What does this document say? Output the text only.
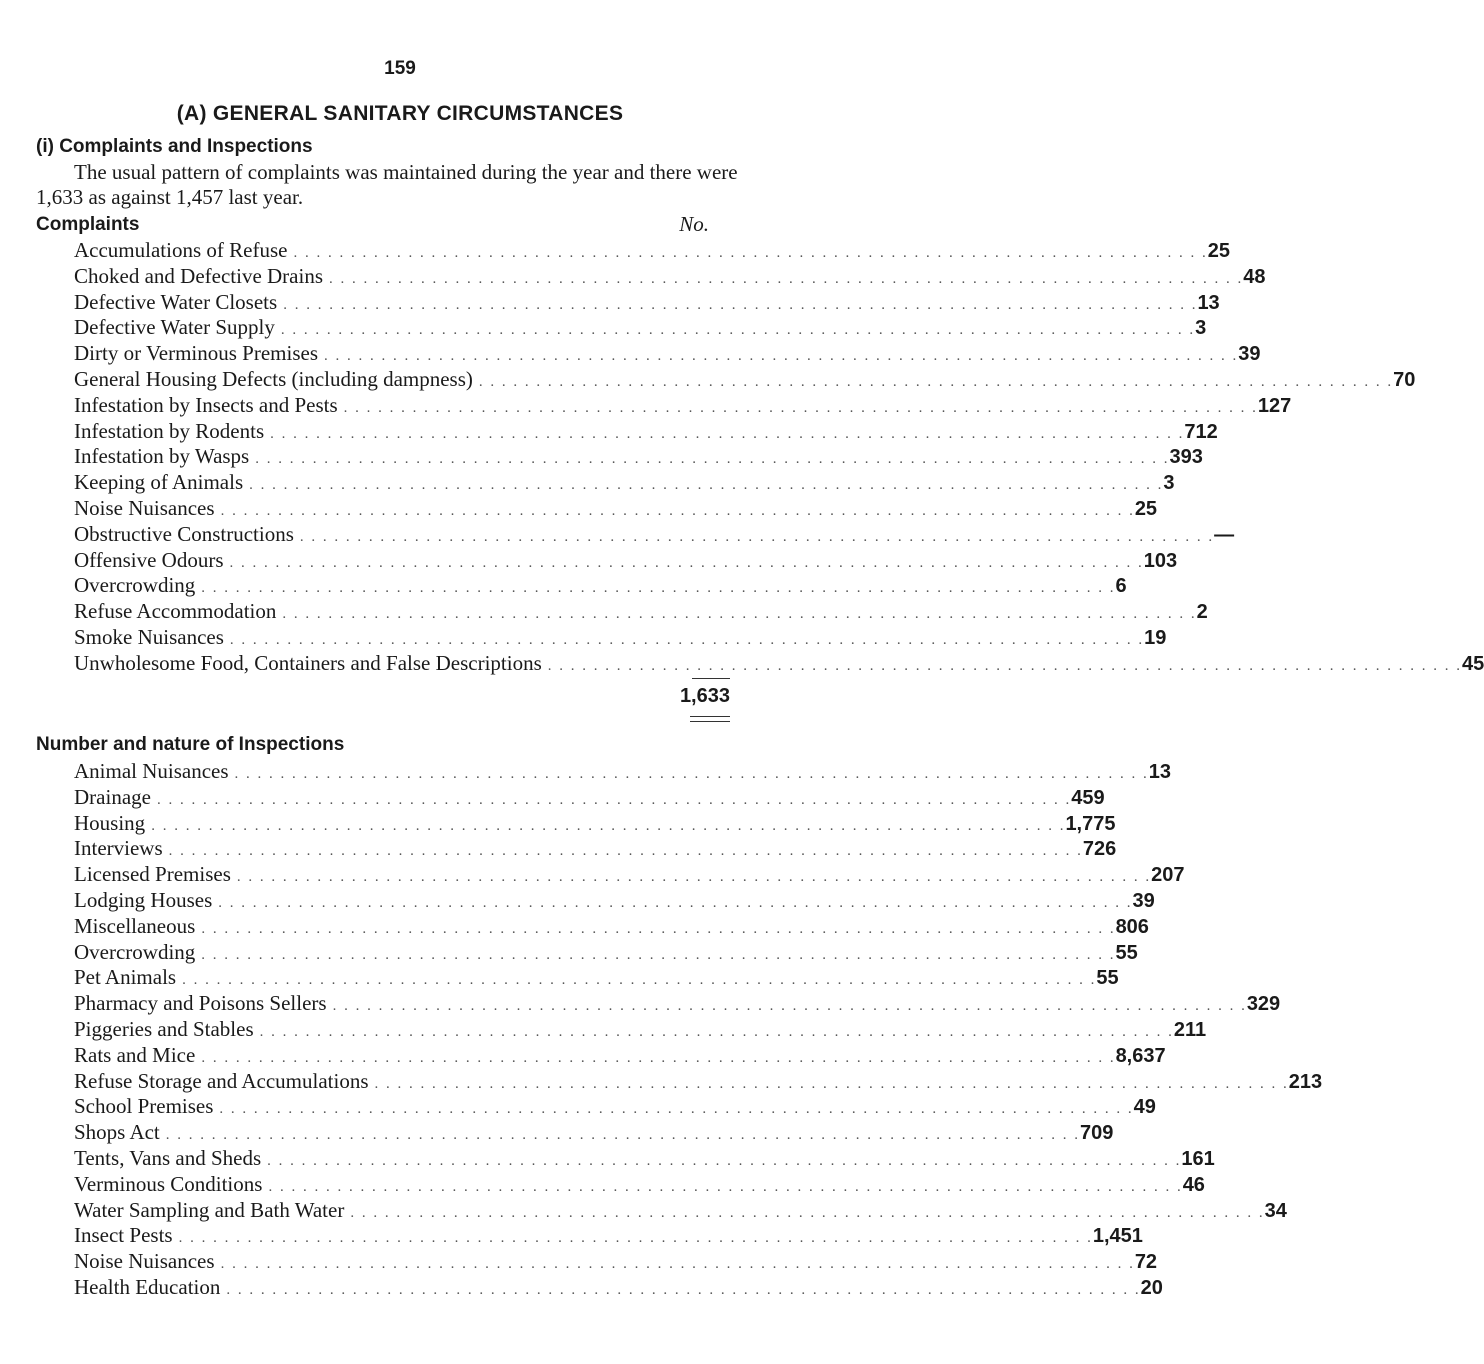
159
(A) GENERAL SANITARY CIRCUMSTANCES
(i) Complaints and Inspections
The usual pattern of complaints was maintained during the year and there were 1,633 as against 1,457 last year.
Complaints	No.
Accumulations of Refuse . . . . . . . . . . . . . . . . . . . . . . . . . . . . . . . . . . . . . . . . . . . . . . . . . . . . . . . . . . . . . . . . . . . . . . . . . . . . . . . . 25
Choked and Defective Drains . . . . . . . . . . . . . . . . . . . . . . . . . . . . . . . . . . . . . . . . . . . . . . . . . . . . . . . . . . . . . . . . . . . . . . . . . . . . . . . . 48
Defective Water Closets . . . . . . . . . . . . . . . . . . . . . . . . . . . . . . . . . . . . . . . . . . . . . . . . . . . . . . . . . . . . . . . . . . . . . . . . . . . . . . . . 13
Defective Water Supply . . . . . . . . . . . . . . . . . . . . . . . . . . . . . . . . . . . . . . . . . . . . . . . . . . . . . . . . . . . . . . . . . . . . . . . . . . . . . . . . 3
Dirty or Verminous Premises . . . . . . . . . . . . . . . . . . . . . . . . . . . . . . . . . . . . . . . . . . . . . . . . . . . . . . . . . . . . . . . . . . . . . . . . . . . . . . . . 39
General Housing Defects (including dampness) . . . . . . . . . . . . . . . . . . . . . . . . . . . . . . . . . . . . . . . . . . . . . . . . . . . . . . . . . . . . . . . . . . . . . . . . . . . . . . . . 70
Infestation by Insects and Pests . . . . . . . . . . . . . . . . . . . . . . . . . . . . . . . . . . . . . . . . . . . . . . . . . . . . . . . . . . . . . . . . . . . . . . . . . . . . . . . . 127
Infestation by Rodents . . . . . . . . . . . . . . . . . . . . . . . . . . . . . . . . . . . . . . . . . . . . . . . . . . . . . . . . . . . . . . . . . . . . . . . . . . . . . . . . 712
Infestation by Wasps . . . . . . . . . . . . . . . . . . . . . . . . . . . . . . . . . . . . . . . . . . . . . . . . . . . . . . . . . . . . . . . . . . . . . . . . . . . . . . . . 393
Keeping of Animals . . . . . . . . . . . . . . . . . . . . . . . . . . . . . . . . . . . . . . . . . . . . . . . . . . . . . . . . . . . . . . . . . . . . . . . . . . . . . . . . 3
Noise Nuisances . . . . . . . . . . . . . . . . . . . . . . . . . . . . . . . . . . . . . . . . . . . . . . . . . . . . . . . . . . . . . . . . . . . . . . . . . . . . . . . . 25
Obstructive Constructions . . . . . . . . . . . . . . . . . . . . . . . . . . . . . . . . . . . . . . . . . . . . . . . . . . . . . . . . . . . . . . . . . . . . . . . . . . . . . . . . —
Offensive Odours . . . . . . . . . . . . . . . . . . . . . . . . . . . . . . . . . . . . . . . . . . . . . . . . . . . . . . . . . . . . . . . . . . . . . . . . . . . . . . . . 103
Overcrowding . . . . . . . . . . . . . . . . . . . . . . . . . . . . . . . . . . . . . . . . . . . . . . . . . . . . . . . . . . . . . . . . . . . . . . . . . . . . . . . . 6
Refuse Accommodation . . . . . . . . . . . . . . . . . . . . . . . . . . . . . . . . . . . . . . . . . . . . . . . . . . . . . . . . . . . . . . . . . . . . . . . . . . . . . . . . 2
Smoke Nuisances . . . . . . . . . . . . . . . . . . . . . . . . . . . . . . . . . . . . . . . . . . . . . . . . . . . . . . . . . . . . . . . . . . . . . . . . . . . . . . . . 19
Unwholesome Food, Containers and False Descriptions . . . . . . . . . . . . . . . . . . . . . . . . . . . . . . . . . . . . . . . . . . . . . . . . . . . . . . . . . . . . . . . . . . . . . . . . . . . . . . . . 45
1,633
Number and nature of Inspections
Animal Nuisances . . . . . . . . . . . . . . . . . . . . . . . . . . . . . . . . . . . . . . . . . . . . . . . . . . . . . . . . . . . . . . . . . . . . . . . . . . . . . . . . 13
Drainage . . . . . . . . . . . . . . . . . . . . . . . . . . . . . . . . . . . . . . . . . . . . . . . . . . . . . . . . . . . . . . . . . . . . . . . . . . . . . . . . 459
Housing . . . . . . . . . . . . . . . . . . . . . . . . . . . . . . . . . . . . . . . . . . . . . . . . . . . . . . . . . . . . . . . . . . . . . . . . . . . . . . . . 1,775
Interviews . . . . . . . . . . . . . . . . . . . . . . . . . . . . . . . . . . . . . . . . . . . . . . . . . . . . . . . . . . . . . . . . . . . . . . . . . . . . . . . . 726
Licensed Premises . . . . . . . . . . . . . . . . . . . . . . . . . . . . . . . . . . . . . . . . . . . . . . . . . . . . . . . . . . . . . . . . . . . . . . . . . . . . . . . . 207
Lodging Houses . . . . . . . . . . . . . . . . . . . . . . . . . . . . . . . . . . . . . . . . . . . . . . . . . . . . . . . . . . . . . . . . . . . . . . . . . . . . . . . . 39
Miscellaneous . . . . . . . . . . . . . . . . . . . . . . . . . . . . . . . . . . . . . . . . . . . . . . . . . . . . . . . . . . . . . . . . . . . . . . . . . . . . . . . . 806
Overcrowding . . . . . . . . . . . . . . . . . . . . . . . . . . . . . . . . . . . . . . . . . . . . . . . . . . . . . . . . . . . . . . . . . . . . . . . . . . . . . . . . 55
Pet Animals . . . . . . . . . . . . . . . . . . . . . . . . . . . . . . . . . . . . . . . . . . . . . . . . . . . . . . . . . . . . . . . . . . . . . . . . . . . . . . . . 55
Pharmacy and Poisons Sellers . . . . . . . . . . . . . . . . . . . . . . . . . . . . . . . . . . . . . . . . . . . . . . . . . . . . . . . . . . . . . . . . . . . . . . . . . . . . . . . . 329
Piggeries and Stables . . . . . . . . . . . . . . . . . . . . . . . . . . . . . . . . . . . . . . . . . . . . . . . . . . . . . . . . . . . . . . . . . . . . . . . . . . . . . . . . 211
Rats and Mice . . . . . . . . . . . . . . . . . . . . . . . . . . . . . . . . . . . . . . . . . . . . . . . . . . . . . . . . . . . . . . . . . . . . . . . . . . . . . . . . 8,637
Refuse Storage and Accumulations . . . . . . . . . . . . . . . . . . . . . . . . . . . . . . . . . . . . . . . . . . . . . . . . . . . . . . . . . . . . . . . . . . . . . . . . . . . . . . . . 213
School Premises . . . . . . . . . . . . . . . . . . . . . . . . . . . . . . . . . . . . . . . . . . . . . . . . . . . . . . . . . . . . . . . . . . . . . . . . . . . . . . . . 49
Shops Act . . . . . . . . . . . . . . . . . . . . . . . . . . . . . . . . . . . . . . . . . . . . . . . . . . . . . . . . . . . . . . . . . . . . . . . . . . . . . . . . 709
Tents, Vans and Sheds . . . . . . . . . . . . . . . . . . . . . . . . . . . . . . . . . . . . . . . . . . . . . . . . . . . . . . . . . . . . . . . . . . . . . . . . . . . . . . . . 161
Verminous Conditions . . . . . . . . . . . . . . . . . . . . . . . . . . . . . . . . . . . . . . . . . . . . . . . . . . . . . . . . . . . . . . . . . . . . . . . . . . . . . . . . 46
Water Sampling and Bath Water . . . . . . . . . . . . . . . . . . . . . . . . . . . . . . . . . . . . . . . . . . . . . . . . . . . . . . . . . . . . . . . . . . . . . . . . . . . . . . . . 34
Insect Pests . . . . . . . . . . . . . . . . . . . . . . . . . . . . . . . . . . . . . . . . . . . . . . . . . . . . . . . . . . . . . . . . . . . . . . . . . . . . . . . . 1,451
Noise Nuisances . . . . . . . . . . . . . . . . . . . . . . . . . . . . . . . . . . . . . . . . . . . . . . . . . . . . . . . . . . . . . . . . . . . . . . . . . . . . . . . . 72
Health Education . . . . . . . . . . . . . . . . . . . . . . . . . . . . . . . . . . . . . . . . . . . . . . . . . . . . . . . . . . . . . . . . . . . . . . . . . . . . . . . . 20
